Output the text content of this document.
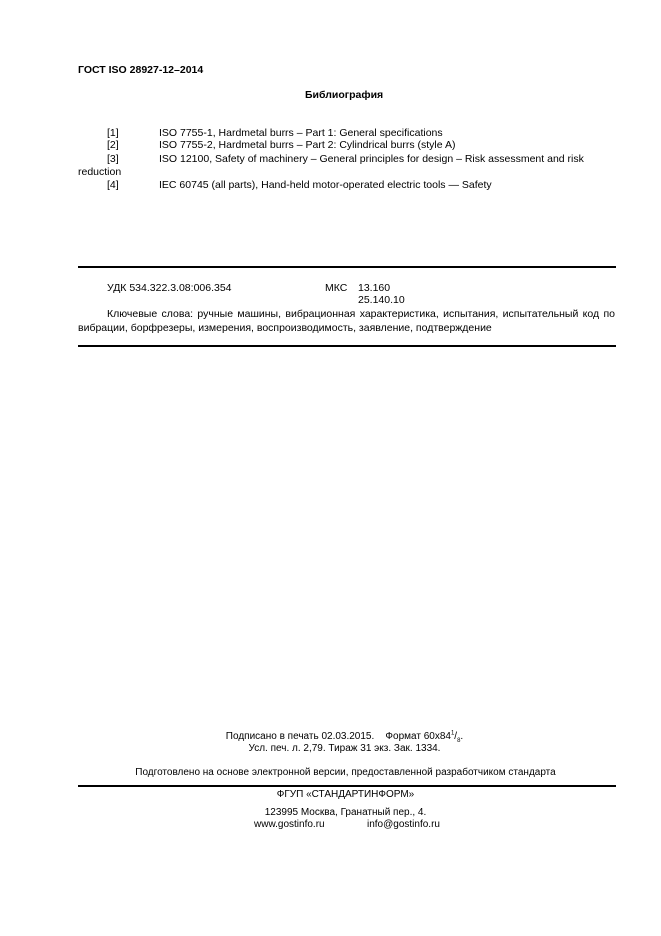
ГОСТ ISO 28927-12–2014
Библиография
[1]	ISO 7755-1, Hardmetal burrs – Part 1: General specifications
[2]	ISO 7755-2, Hardmetal burrs – Part 2: Cylindrical burrs (style A)
[3]	ISO 12100, Safety of machinery – General principles for design – Risk assessment and risk
reduction
[4]	IEC 60745 (all parts), Hand-held motor-operated electric tools — Safety
УДК 534.322.3.08:006.354	МКС 13.160
25.140.10
Ключевые слова: ручные машины, вибрационная характеристика, испытания, испытательный код по вибрации, борфрезеры, измерения, воспроизводимость, заявление, подтверждение
Подписано в печать 02.03.2015. Формат $60х84^1/_8$.
Усл. печ. л. 2,79. Тираж 31 экз. Зак. 1334.
Подготовлено на основе электронной версии, предоставленной разработчиком стандарта
ФГУП «СТАНДАРТИНФОРМ»
123995 Москва, Гранатный пер., 4.
www.gostinfo.ru	info@gostinfo.ru
